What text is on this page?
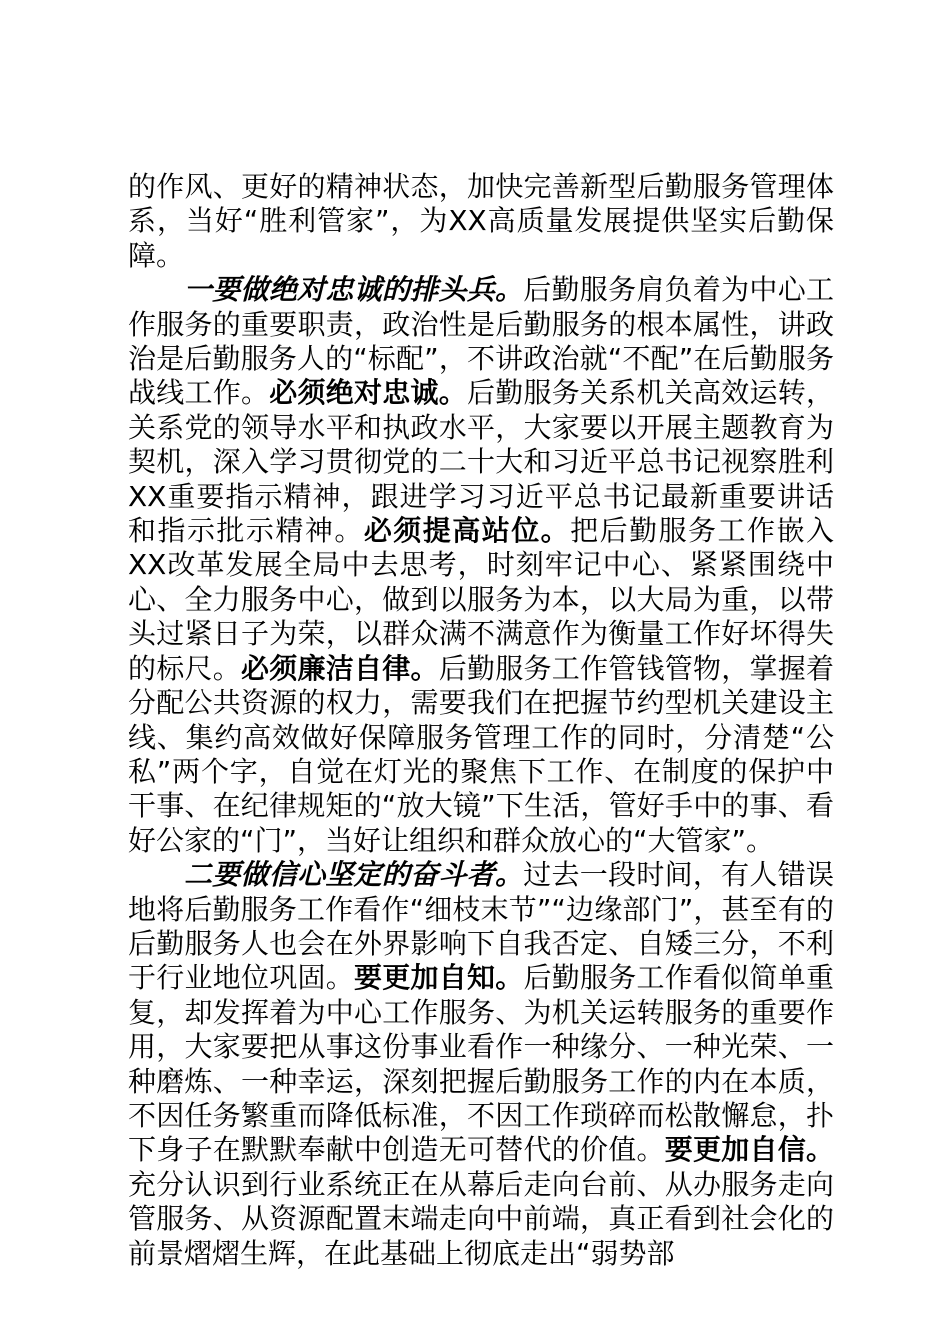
的作风、更好的精神状态，加快完善新型后勤服务管理体系，当好“胜利管家”，为XX高质量发展提供坚实后勤保障。

一要做绝对忠诚的排头兵。后勤服务肩负着为中心工作服务的重要职责，政治性是后勤服务的根本属性，讲政治是后勤服务人的“标配”，不讲政治就“不配”在后勤服务战线工作。必须绝对忠诚。后勤服务关系机关高效运转，关系党的领导水平和执政水平，大家要以开展主题教育为契机，深入学习贯彻党的二十大和习近平总书记视察胜利XX重要指示精神，跟进学习习近平总书记最新重要讲话和指示批示精神。必须提高站位。把后勤服务工作嵌入XX改革发展全局中去思考，时刻牢记中心、紧紧围绕中心、全力服务中心，做到以服务为本，以大局为重，以带头过紧日子为荣，以群众满不满意作为衡量工作好坏得失的标尺。必须廉洁自律。后勤服务工作管钱管物，掌握着分配公共资源的权力，需要我们在把握节约型机关建设主线、集约高效做好保障服务管理工作的同时，分清楚“公私”两个字，自觉在灯光的聚焦下工作、在制度的保护中干事、在纪律规矩的“放大镜”下生活，管好手中的事、看好公家的“门”，当好让组织和群众放心的“大管家”。

二要做信心坚定的奋斗者。过去一段时间，有人错误地将后勤服务工作看作“细枝末节”“边缘部门”，甚至有的后勤服务人也会在外界影响下自我否定、自矮三分，不利于行业地位巩固。要更加自知。后勤服务工作看似简单重复，却发挥着为中心工作服务、为机关运转服务的重要作用，大家要把从事这份事业看作一种缘分、一种光荣、一种磨炼、一种幸运，深刻把握后勤服务工作的内在本质，不因任务繁重而降低标准，不因工作琐碎而松散懈怠，扑下身子在默默奉献中创造无可替代的价值。要更加自信。充分认识到行业系统正在从幕后走向台前、从办服务走向管服务、从资源配置末端走向中前端，真正看到社会化的前景熠熠生辉，在此基础上彻底走出“弱势部
